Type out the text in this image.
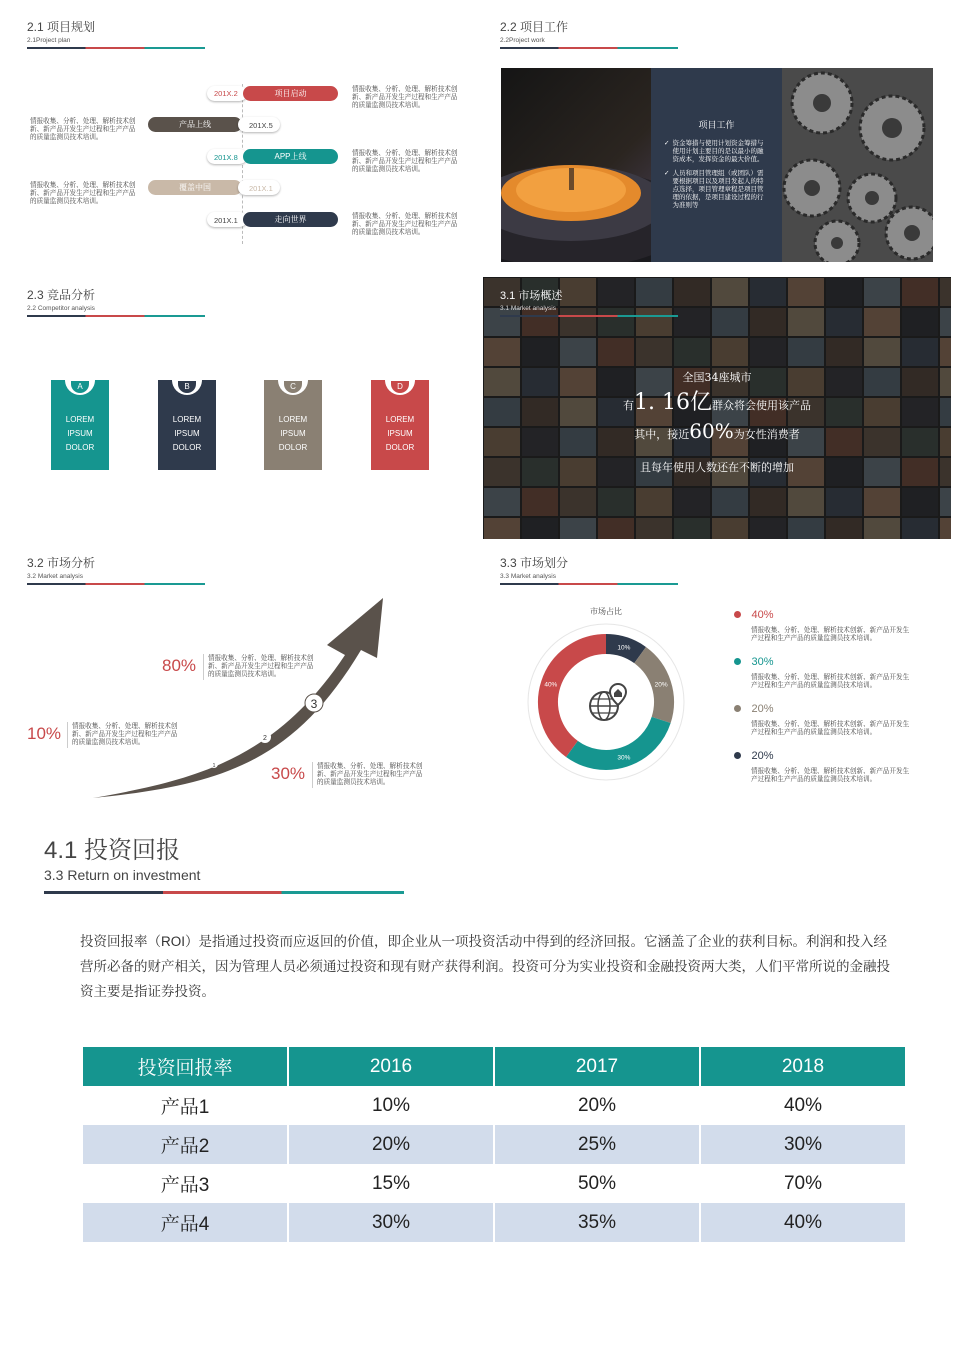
2.1 项目规划
2.1Project plan
201X.2	项目启动	情报收集、分析、处理、解析技术创新、新产品开发生产过程和生产产品的质量监测员技术培训。
产品上线	201X.5
情报收集、分析、处理、解析技术创新、新产品开发生产过程和生产产品的质量监测员技术培训。
201X.8	APP上线	情报收集、分析、处理、解析技术创新、新产品开发生产过程和生产产品的质量监测员技术培训。
覆盖中国	201X.1
情报收集、分析、处理、解析技术创新、新产品开发生产过程和生产产品的质量监测员技术培训。
201X.1	走向世界	情报收集、分析、处理、解析技术创新、新产品开发生产过程和生产产品的质量监测员技术培训。
2.2 项目工作
2.2Project work
项目工作
✓ 资金筹措与使用计划资金筹措与使用计划主要目的是以最小的融资成本，发挥资金的最大价值。
✓ 人员和项目管理组（或团队）需要根据项目以及项目发起人的特点选择，项目管理章程是项目管理的依据，是项目建设过程的行为准则等
2.3 竞品分析
2.2 Competitor analysis
A
LOREM
IPSUM
DOLOR
B
LOREM
IPSUM
DOLOR
C
LOREM
IPSUM
DOLOR
D
LOREM
IPSUM
DOLOR
3.1 市场概述
3.1 Market analysis
全国34座城市
有1. 16亿群众将会使用该产品
其中，接近60%为女性消费者
且每年使用人数还在不断的增加
3.2 市场分析
3.2 Market analysis
3
2
1
80% 情报收集、分析、处理、解析技术创新、新产品开发生产过程和生产产品的质量监测员技术培训。
10% 情报收集、分析、处理、解析技术创新、新产品开发生产过程和生产产品的质量监测员技术培训。
30% 情报收集、分析、处理、解析技术创新、新产品开发生产过程和生产产品的质量监测员技术培训。
3.3 市场划分
3.3 Market analysis
市场占比
10%
20%
30%
40%
40%
情报收集、分析、处理、解析技术创新、新产品开发生产过程和生产产品的质量监测员技术培训。
30%
情报收集、分析、处理、解析技术创新、新产品开发生产过程和生产产品的质量监测员技术培训。
20%
情报收集、分析、处理、解析技术创新、新产品开发生产过程和生产产品的质量监测员技术培训。
20%
情报收集、分析、处理、解析技术创新、新产品开发生产过程和生产产品的质量监测员技术培训。
4.1 投资回报
3.3 Return on investment
投资回报率（ROI）是指通过投资而应返回的价值，即企业从一项投资活动中得到的经济回报。它涵盖了企业的获利目标。利润和投入经营所必备的财产相关，因为管理人员必须通过投资和现有财产获得利润。投资可分为实业投资和金融投资两大类，人们平常所说的金融投资主要是指证券投资。
投资回报率	2016	2017	2018
产品1	10%	20%	40%
产品2	20%	25%	30%
产品3	15%	50%	70%
产品4	30%	35%	40%
